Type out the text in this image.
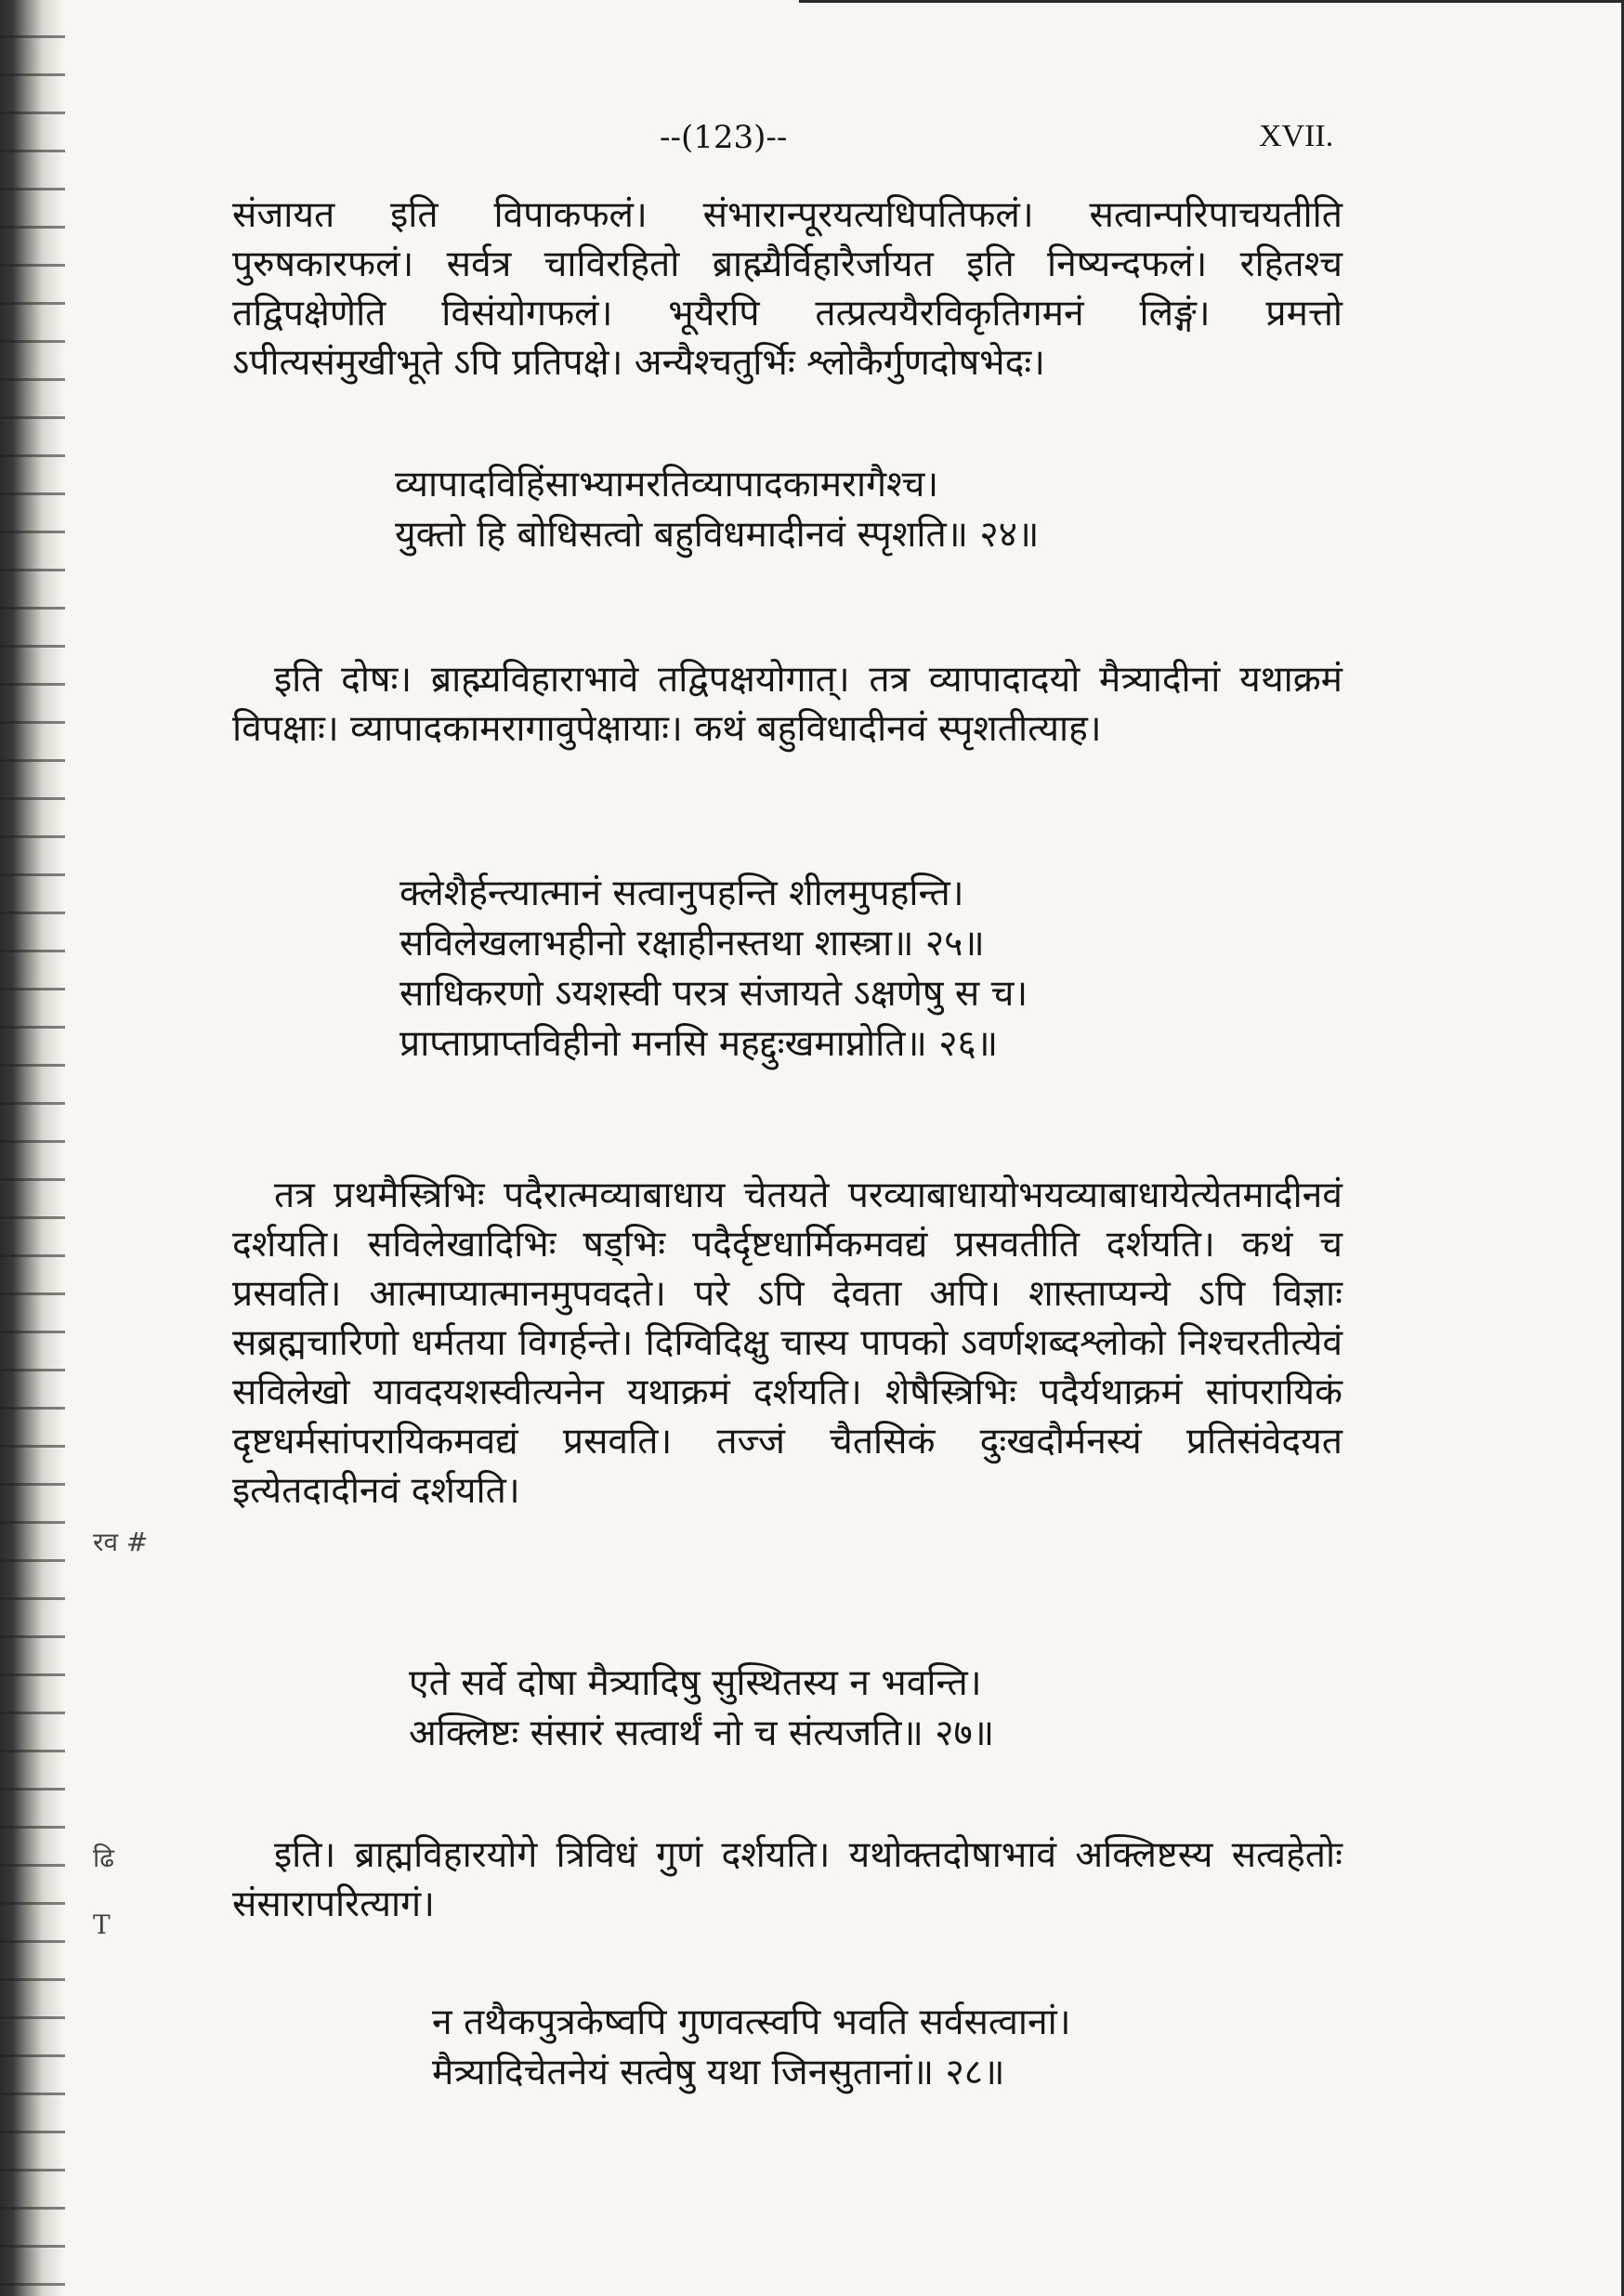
--(123)--	XVII.

संजायत इति विपाकफलं। संभारान्पूरयत्यधिपतिफलं। सत्वान्परिपाचयतीति पुरुषकारफलं। सर्वत्र चाविरहितो ब्राह्म्यैर्विहारैर्जायत इति निष्यन्दफलं। रहितश्च तद्विपक्षेणेति विसंयोगफलं। भूयैरपि तत्प्रत्ययैरविकृतिगमनं लिङ्गं। प्रमत्तो ऽपीत्यसंमुखीभूते ऽपि प्रतिपक्षे। अन्यैश्चतुर्भिः श्लोकैर्गुणदोषभेदः।

व्यापादविहिंसाभ्यामरतिव्यापादकामरागैश्च।
युक्तो हि बोधिसत्वो बहुविधमादीनवं स्पृशति॥ २४॥

इति दोषः। ब्राह्म्यविहाराभावे तद्विपक्षयोगात्। तत्र व्यापादादयो मैत्र्यादीनां यथाक्रमं विपक्षाः। व्यापादकामरागावुपेक्षायाः। कथं बहुविधादीनवं स्पृशतीत्याह।

क्लेशैर्हन्त्यात्मानं सत्वानुपहन्ति शीलमुपहन्ति।
सविलेखलाभहीनो रक्षाहीनस्तथा शास्त्रा॥ २५॥
साधिकरणो ऽयशस्वी परत्र संजायते ऽक्षणेषु स च।
प्राप्ताप्राप्तविहीनो मनसि महद्दुःखमाप्नोति॥ २६॥

तत्र प्रथमैस्त्रिभिः पदैरात्मव्याबाधाय चेतयते परव्याबाधायोभयव्याबाधायेत्येतमादीनवं दर्शयति। सविलेखादिभिः षड्भिः पदैर्दृष्टधार्मिकमवद्यं प्रसवतीति दर्शयति। कथं च प्रसवति। आत्माप्यात्मानमुपवदते। परे ऽपि देवता अपि। शास्ताप्यन्ये ऽपि विज्ञाः सब्रह्मचारिणो धर्मतया विगर्हन्ते। दिग्विदिक्षु चास्य पापको ऽवर्णशब्दश्लोको निश्चरतीत्येवं सविलेखो यावदयशस्वीत्यनेन यथाक्रमं दर्शयति। शेषैस्त्रिभिः पदैर्यथाक्रमं सांपरायिकं दृष्टधर्मसांपरायिकमवद्यं प्रसवति। तज्जं चैतसिकं दुःखदौर्मनस्यं प्रतिसंवेदयत इत्येतदादीनवं दर्शयति।

एते सर्वे दोषा मैत्र्यादिषु सुस्थितस्य न भवन्ति।
अक्लिष्टः संसारं सत्वार्थं नो च संत्यजति॥ २७॥

इति। ब्राह्मविहारयोगे त्रिविधं गुणं दर्शयति। यथोक्तदोषाभावं अक्लिष्टस्य सत्वहेतोः संसारापरित्यागं।

न तथैकपुत्रकेष्वपि गुणवत्स्वपि भवति सर्वसत्वानां।
मैत्र्यादिचेतनेयं सत्वेषु यथा जिनसुतानां॥ २८॥
रव #
ढि
T
